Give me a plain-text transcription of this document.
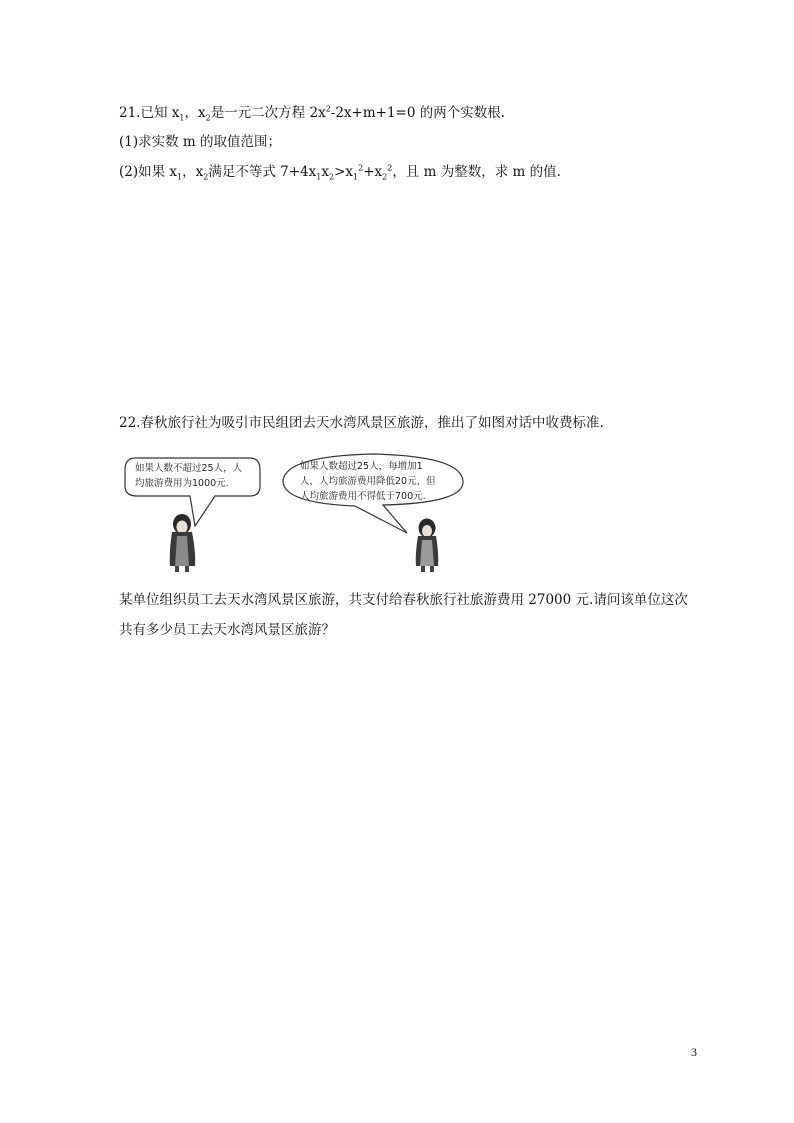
21.已知 $x_1$，$x_2$是一元二次方程 $2x^2-2x+m+1=0$ 的两个实数根.
(1)求实数 m 的取值范围；
(2)如果 $x_1$，$x_2$满足不等式 $7+4x_1x_2>x_1^2+x_2^2$，且 m 为整数，求 m 的值.
22.春秋旅行社为吸引市民组团去天水湾风景区旅游，推出了如图对话中收费标准.
如果人数不超过25人，人
均旅游费用为1000元.
如果人数超过25人，每增加1
人，人均旅游费用降低20元，但
人均旅游费用不得低于700元.
某单位组织员工去天水湾风景区旅游，共支付给春秋旅行社旅游费用 27000 元.请问该单位这次
共有多少员工去天水湾风景区旅游？
3
